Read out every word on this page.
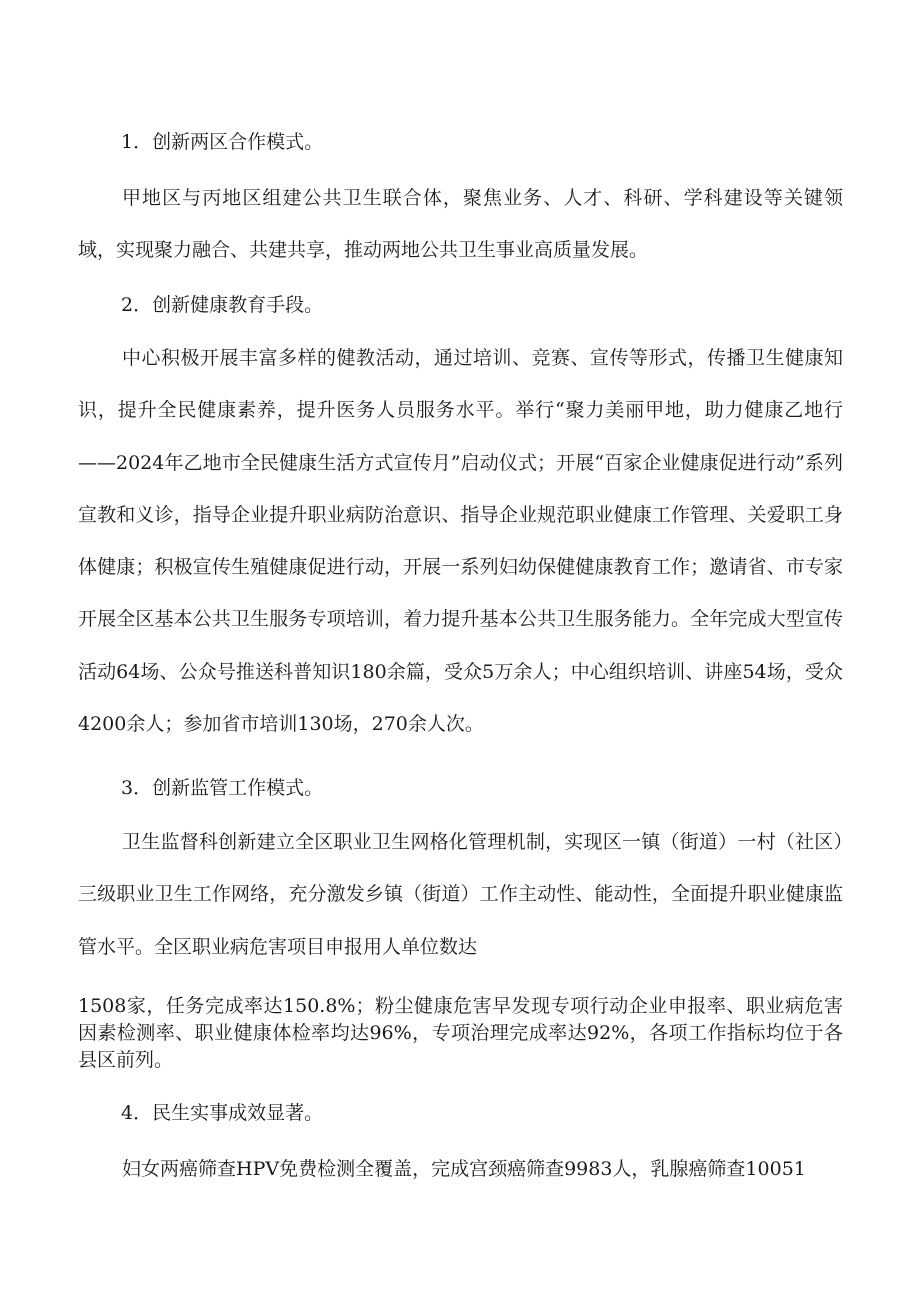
1．创新两区合作模式。

甲地区与丙地区组建公共卫生联合体，聚焦业务、人才、科研、学科建设等关键领域，实现聚力融合、共建共享，推动两地公共卫生事业高质量发展。

2．创新健康教育手段。

中心积极开展丰富多样的健教活动，通过培训、竞赛、宣传等形式，传播卫生健康知识，提升全民健康素养，提升医务人员服务水平。举行“聚力美丽甲地，助力健康乙地行——2024年乙地市全民健康生活方式宣传月”启动仪式；开展“百家企业健康促进行动”系列宣教和义诊，指导企业提升职业病防治意识、指导企业规范职业健康工作管理、关爱职工身体健康；积极宣传生殖健康促进行动，开展一系列妇幼保健健康教育工作；邀请省、市专家开展全区基本公共卫生服务专项培训，着力提升基本公共卫生服务能力。全年完成大型宣传活动64场、公众号推送科普知识180余篇，受众5万余人；中心组织培训、讲座54场，受众4200余人；参加省市培训130场，270余人次。

3．创新监管工作模式。

卫生监督科创新建立全区职业卫生网格化管理机制，实现区一镇（街道）一村（社区）三级职业卫生工作网络，充分激发乡镇（街道）工作主动性、能动性，全面提升职业健康监管水平。全区职业病危害项目申报用人单位数达

1508家，任务完成率达150.8%；粉尘健康危害早发现专项行动企业申报率、职业病危害因素检测率、职业健康体检率均达96%，专项治理完成率达92%，各项工作指标均位于各县区前列。

4．民生实事成效显著。

妇女两癌筛查HPV免费检测全覆盖，完成宫颈癌筛查9983人，乳腺癌筛查10051
